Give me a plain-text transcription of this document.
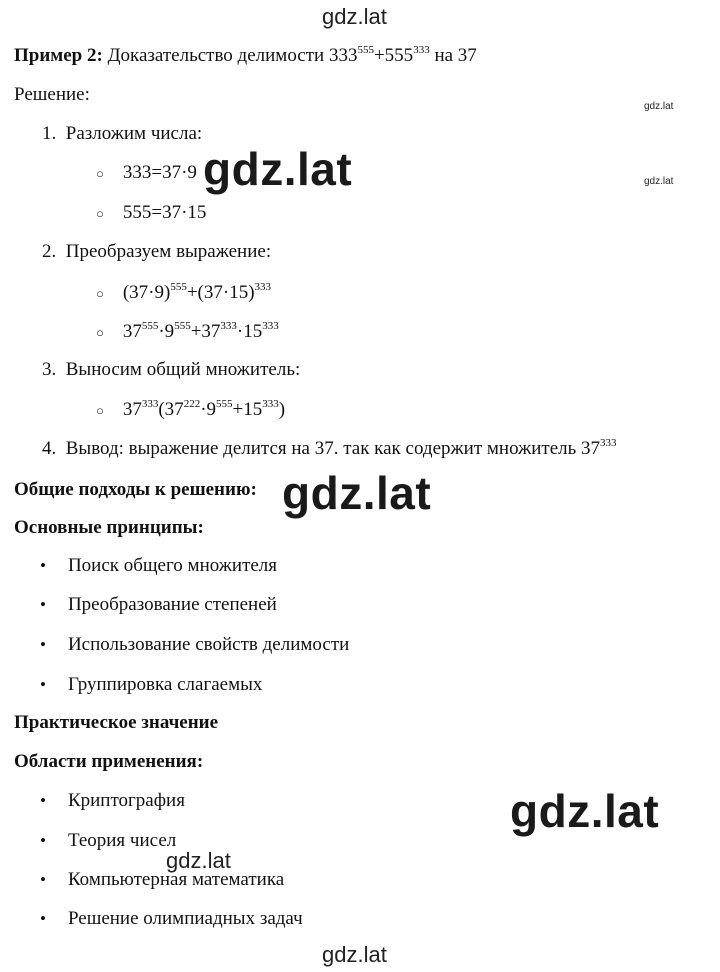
gdz.lat
Пример 2: Доказательство делимости $333^{555}+555^{333}$ на 37
Решение:
gdz.lat
gdz.lat
1. Разложим числа:
○ 333=37·9
○ 555=37·15
gdz.lat
2. Преобразуем выражение:
○ $(37\cdot 9)^{555}+(37\cdot 15)^{333}$
○ $37^{555}\cdot 9^{555}+37^{333}\cdot 15^{333}$
3. Выносим общий множитель:
○ $37^{333}(37^{222}\cdot 9^{555}+15^{333})$
4. Вывод: выражение делится на 37. так как содержит множитель $37^{333}$
Общие подходы к решению: gdz.lat
Основные принципы:
• Поиск общего множителя
• Преобразование степеней
• Использование свойств делимости
• Группировка слагаемых
Практическое значение
Области применения:
• Криптография
• Теория чисел
• Компьютерная математика
• Решение олимпиадных задач
gdz.lat
gdz.lat
gdz.lat
